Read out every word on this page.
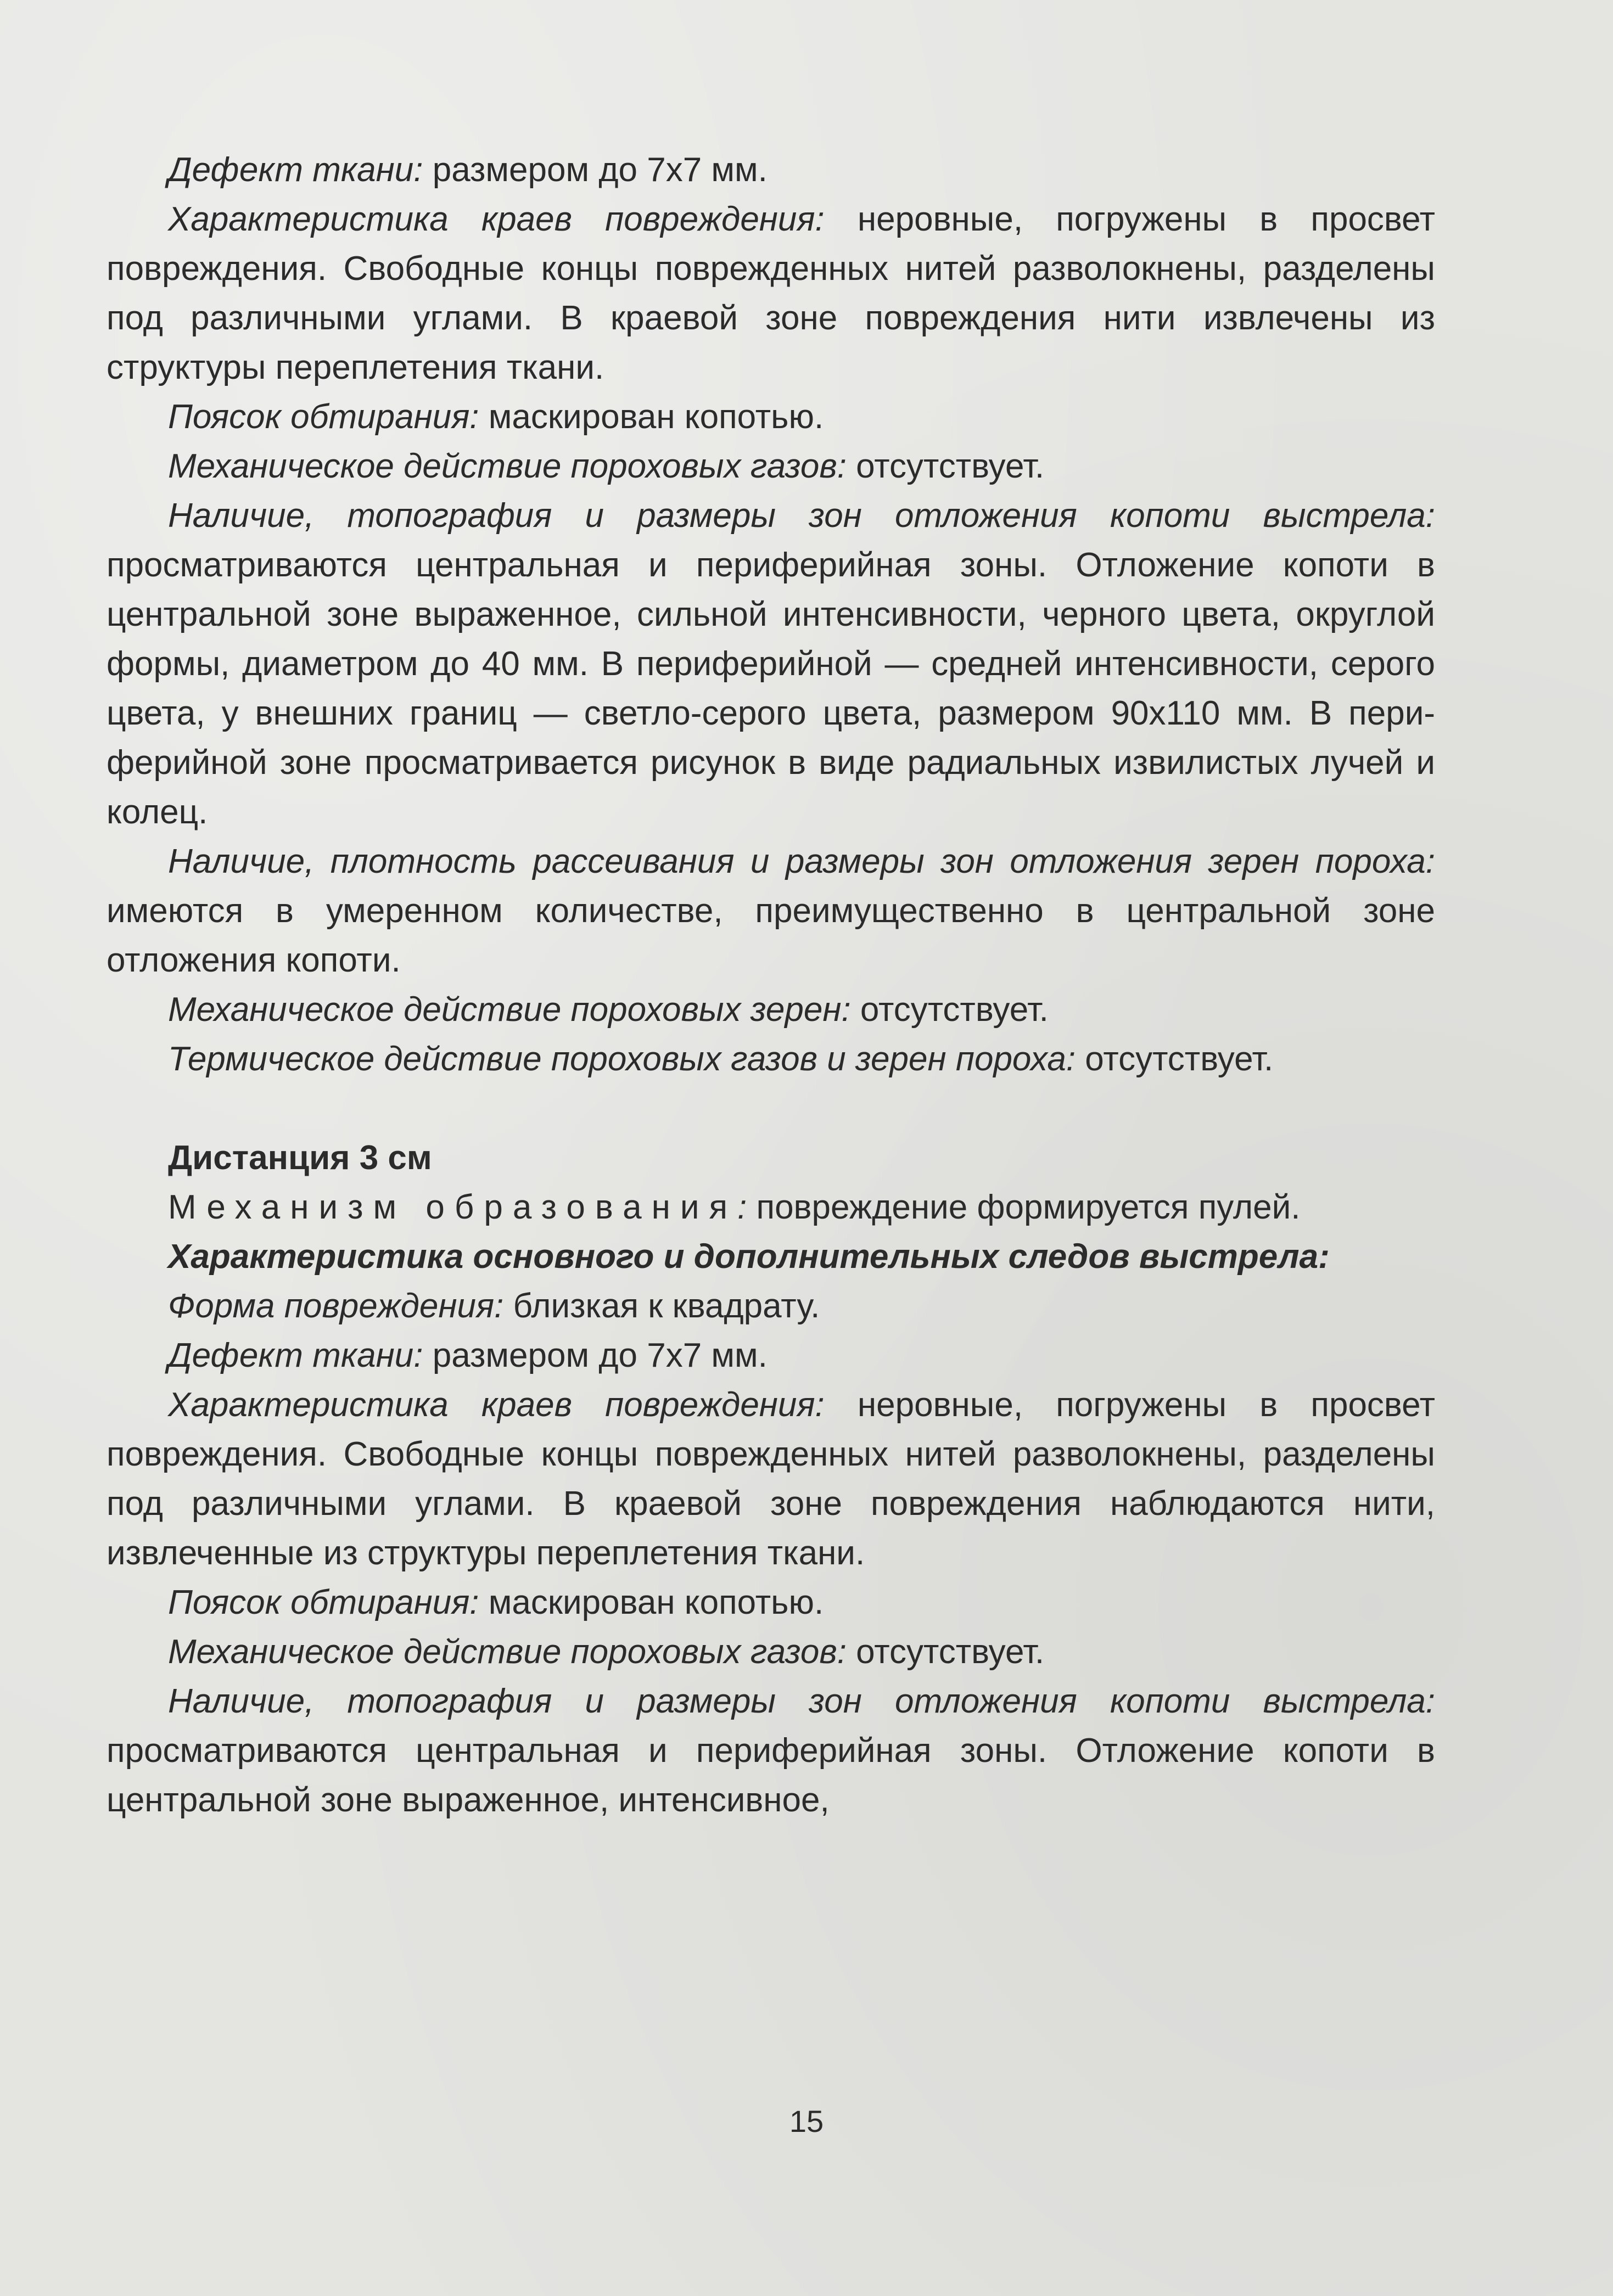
Дефект ткани: размером до 7х7 мм.

Характеристика краев повреждения: неровные, погружены в просвет повреждения. Свободные концы поврежденных нитей разволокнены, разделены под различными углами. В краевой зоне повреждения нити извлечены из структуры переплетения ткани.

Поясок обтирания: маскирован копотью.

Механическое действие пороховых газов: отсутствует.

Наличие, топография и размеры зон отложения копоти выстрела: просматриваются центральная и периферийная зоны. Отложение копоти в центральной зоне выраженное, сильной интенсивности, черного цвета, округлой формы, диаметром до 40 мм. В периферийной — средней интенсивности, серого цвета, у внешних границ — светло-серого цвета, размером 90х110 мм. В периферийной зоне просматривается рисунок в виде радиальных извилистых лучей и колец.

Наличие, плотность рассеивания и размеры зон отложения зерен пороха: имеются в умеренном количестве, преимущественно в центральной зоне отложения копоти.

Механическое действие пороховых зерен: отсутствует.

Термическое действие пороховых газов и зерен пороха: отсутствует.

Дистанция 3 см

Механизм образования: повреждение формируется пулей.

Характеристика основного и дополнительных следов выстрела:

Форма повреждения: близкая к квадрату.

Дефект ткани: размером до 7х7 мм.

Характеристика краев повреждения: неровные, погружены в просвет повреждения. Свободные концы поврежденных нитей разволокнены, разделены под различными углами. В краевой зоне повреждения наблюдаются нити, извлеченные из структуры переплетения ткани.

Поясок обтирания: маскирован копотью.

Механическое действие пороховых газов: отсутствует.

Наличие, топография и размеры зон отложения копоти выстрела: просматриваются центральная и периферийная зоны. Отложение копоти в центральной зоне выраженное, интенсивное,

15
